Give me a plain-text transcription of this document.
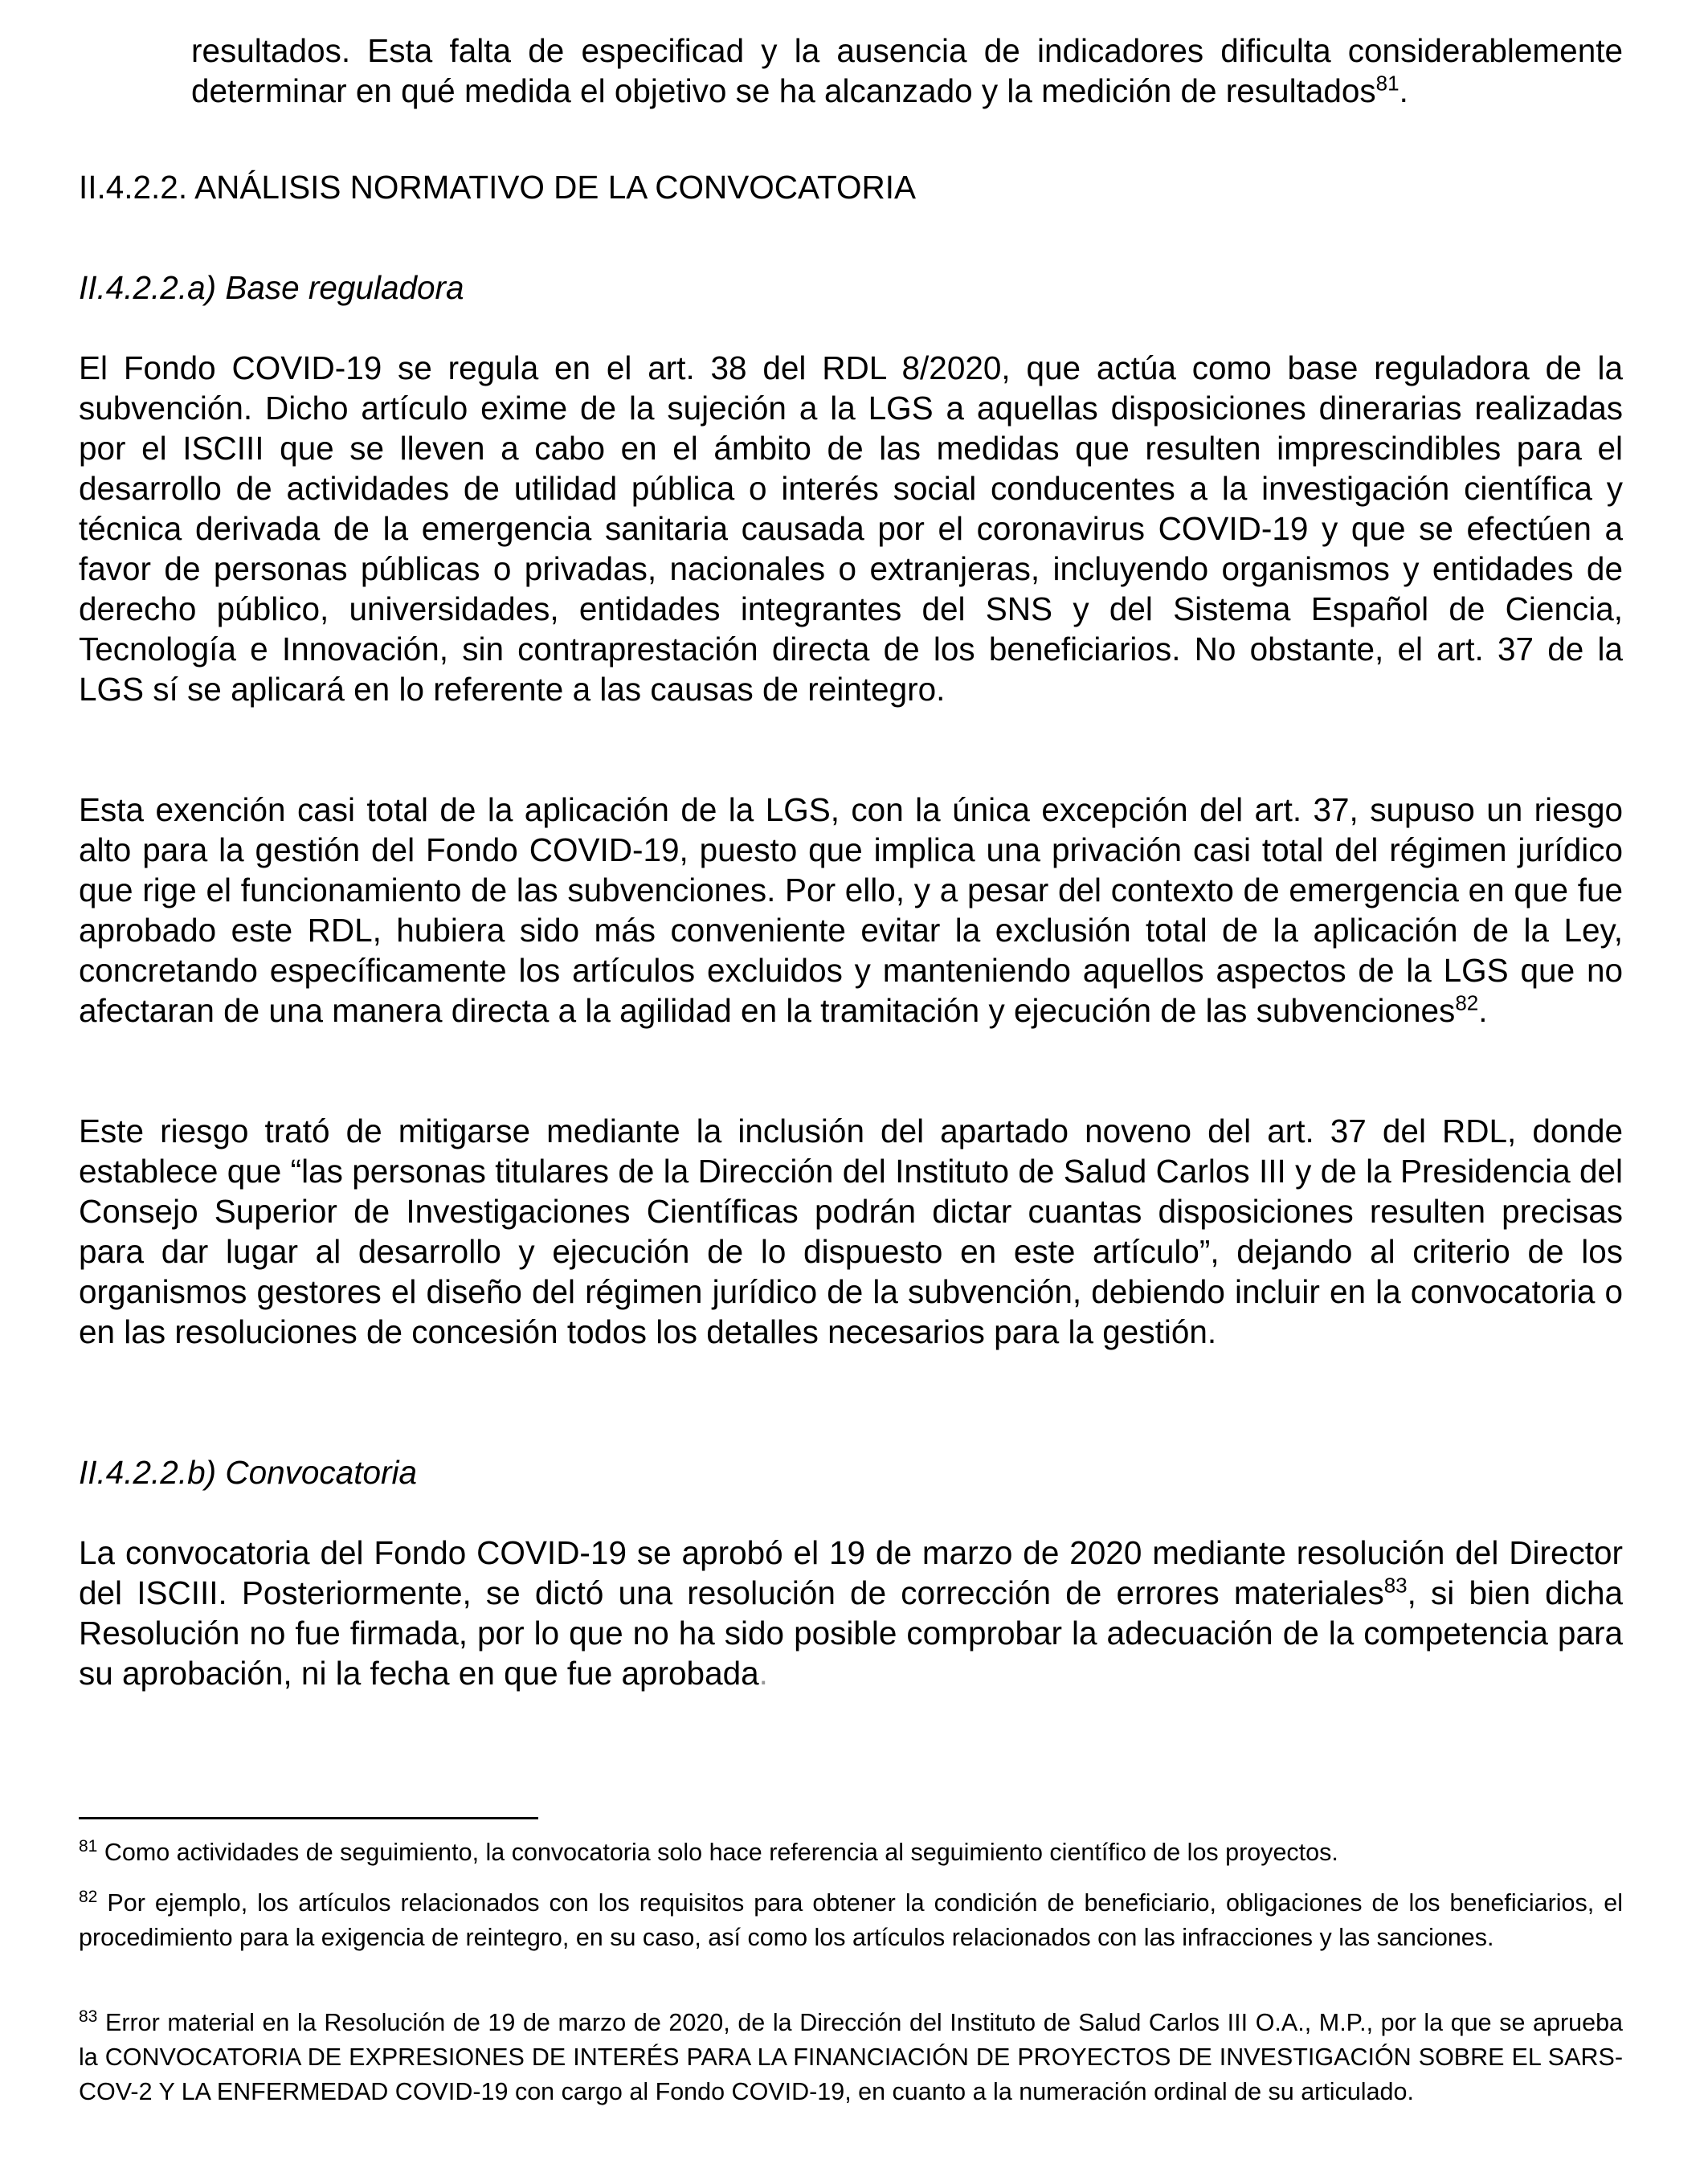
resultados. Esta falta de especificad y la ausencia de indicadores dificulta considerablemente determinar en qué medida el objetivo se ha alcanzado y la medición de resultados$^{81}$.

II.4.2.2. ANÁLISIS NORMATIVO DE LA CONVOCATORIA
II.4.2.2.a) Base reguladora

El Fondo COVID-19 se regula en el art. 38 del RDL 8/2020, que actúa como base reguladora de la subvención. Dicho artículo exime de la sujeción a la LGS a aquellas disposiciones dinerarias realizadas por el ISCIII que se lleven a cabo en el ámbito de las medidas que resulten imprescindibles para el desarrollo de actividades de utilidad pública o interés social conducentes a la investigación científica y técnica derivada de la emergencia sanitaria causada por el coronavirus COVID-19 y que se efectúen a favor de personas públicas o privadas, nacionales o extranjeras, incluyendo organismos y entidades de derecho público, universidades, entidades integrantes del SNS y del Sistema Español de Ciencia, Tecnología e Innovación, sin contraprestación directa de los beneficiarios. No obstante, el art. 37 de la LGS sí se aplicará en lo referente a las causas de reintegro.

Esta exención casi total de la aplicación de la LGS, con la única excepción del art. 37, supuso un riesgo alto para la gestión del Fondo COVID-19, puesto que implica una privación casi total del régimen jurídico que rige el funcionamiento de las subvenciones. Por ello, y a pesar del contexto de emergencia en que fue aprobado este RDL, hubiera sido más conveniente evitar la exclusión total de la aplicación de la Ley, concretando específicamente los artículos excluidos y manteniendo aquellos aspectos de la LGS que no afectaran de una manera directa a la agilidad en la tramitación y ejecución de las subvenciones$^{82}$.

Este riesgo trató de mitigarse mediante la inclusión del apartado noveno del art. 37 del RDL, donde establece que “las personas titulares de la Dirección del Instituto de Salud Carlos III y de la Presidencia del Consejo Superior de Investigaciones Científicas podrán dictar cuantas disposiciones resulten precisas para dar lugar al desarrollo y ejecución de lo dispuesto en este artículo”, dejando al criterio de los organismos gestores el diseño del régimen jurídico de la subvención, debiendo incluir en la convocatoria o en las resoluciones de concesión todos los detalles necesarios para la gestión.

II.4.2.2.b) Convocatoria

La convocatoria del Fondo COVID-19 se aprobó el 19 de marzo de 2020 mediante resolución del Director del ISCIII. Posteriormente, se dictó una resolución de corrección de errores materiales$^{83}$, si bien dicha Resolución no fue firmada, por lo que no ha sido posible comprobar la adecuación de la competencia para su aprobación, ni la fecha en que fue aprobada.

$^{81}$ Como actividades de seguimiento, la convocatoria solo hace referencia al seguimiento científico de los proyectos.

$^{82}$ Por ejemplo, los artículos relacionados con los requisitos para obtener la condición de beneficiario, obligaciones de los beneficiarios, el procedimiento para la exigencia de reintegro, en su caso, así como los artículos relacionados con las infracciones y las sanciones.

$^{83}$ Error material en la Resolución de 19 de marzo de 2020, de la Dirección del Instituto de Salud Carlos III O.A., M.P., por la que se aprueba la CONVOCATORIA DE EXPRESIONES DE INTERÉS PARA LA FINANCIACIÓN DE PROYECTOS DE INVESTIGACIÓN SOBRE EL SARS-COV-2 Y LA ENFERMEDAD COVID-19 con cargo al Fondo COVID-19, en cuanto a la numeración ordinal de su articulado.
